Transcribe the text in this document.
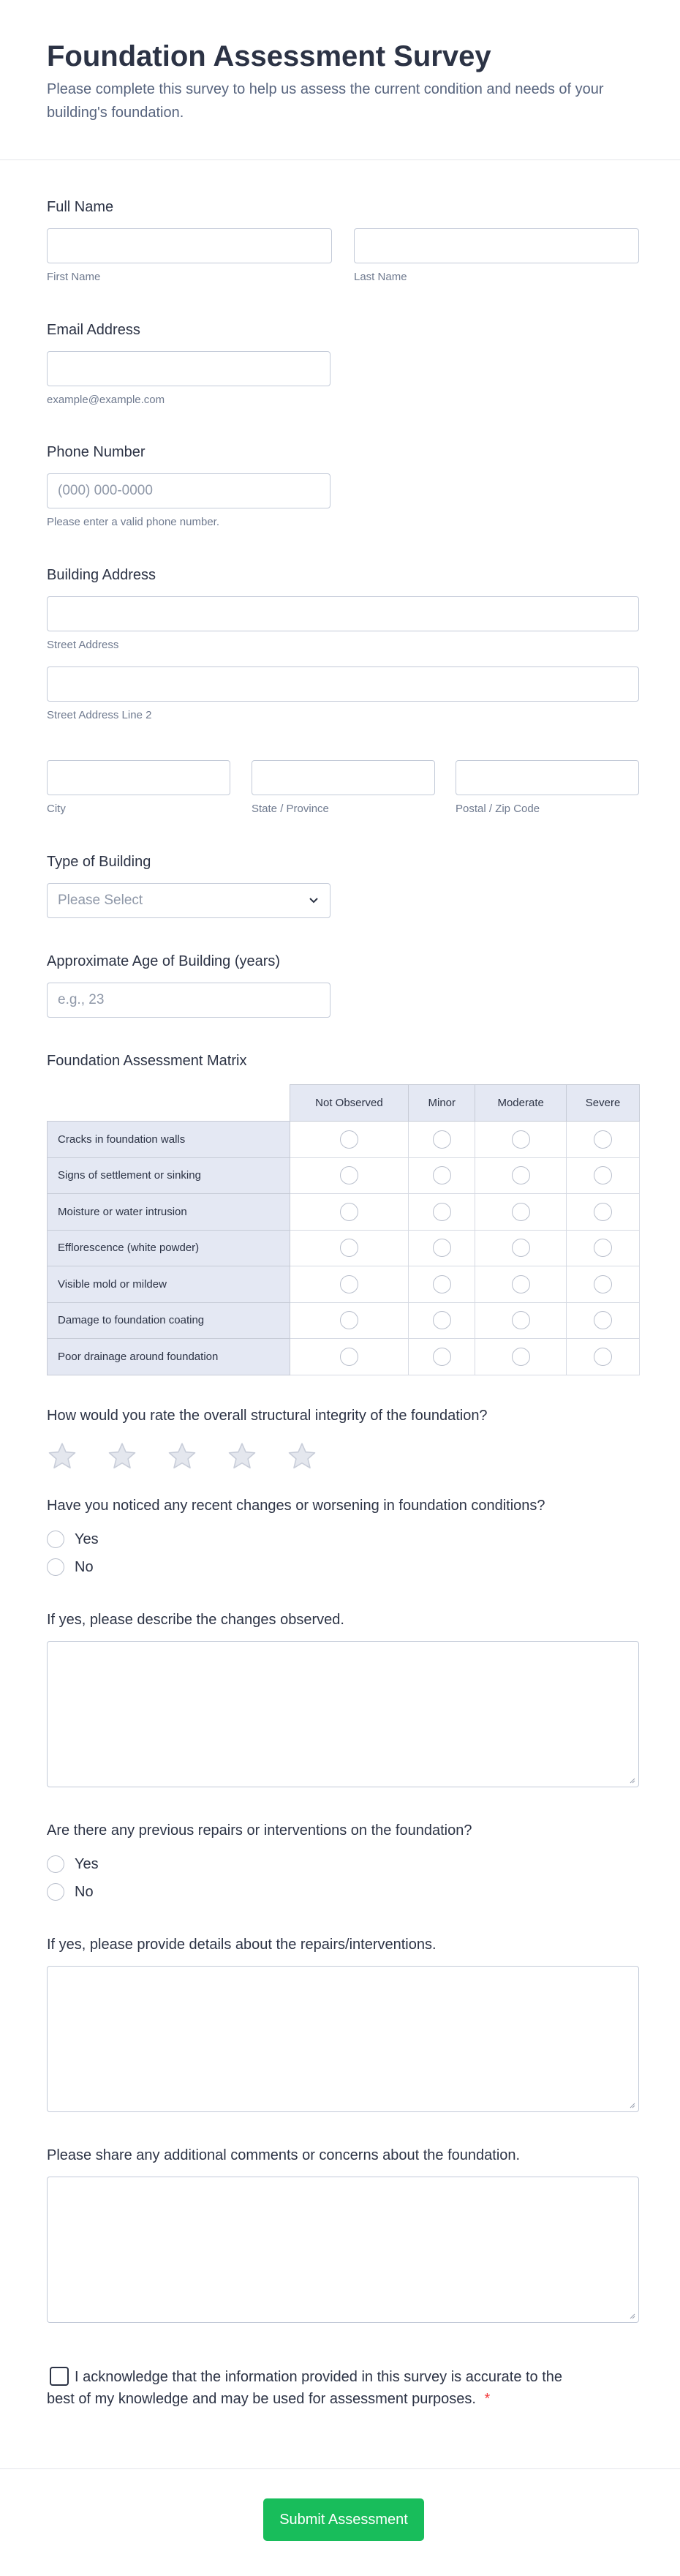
Foundation Assessment Survey

Please complete this survey to help us assess the current condition and needs of your building's foundation.

Full Name
First Name	Last Name
Email Address
example@example.com
Phone Number
(000) 000-0000
Please enter a valid phone number.
Building Address
Street Address
Street Address Line 2
City	State / Province	Postal / Zip Code
Type of Building
Please Select
Approximate Age of Building (years)
e.g., 23
Foundation Assessment Matrix
	Not Observed	Minor	Moderate	Severe
Cracks in foundation walls	

Signs of settlement or sinking	

Moisture or water intrusion	

Efflorescence (white powder)	

Visible mold or mildew	

Damage to foundation coating	

Poor drainage around foundation	

How would you rate the overall structural integrity of the foundation?
Have you noticed any recent changes or worsening in foundation conditions?
Yes
No
If yes, please describe the changes observed.
Are there any previous repairs or interventions on the foundation?
Yes
No
If yes, please provide details about the repairs/interventions.
Please share any additional comments or concerns about the foundation.
I acknowledge that the information provided in this survey is accurate to the best of my knowledge and may be used for assessment purposes. *
Submit Assessment
